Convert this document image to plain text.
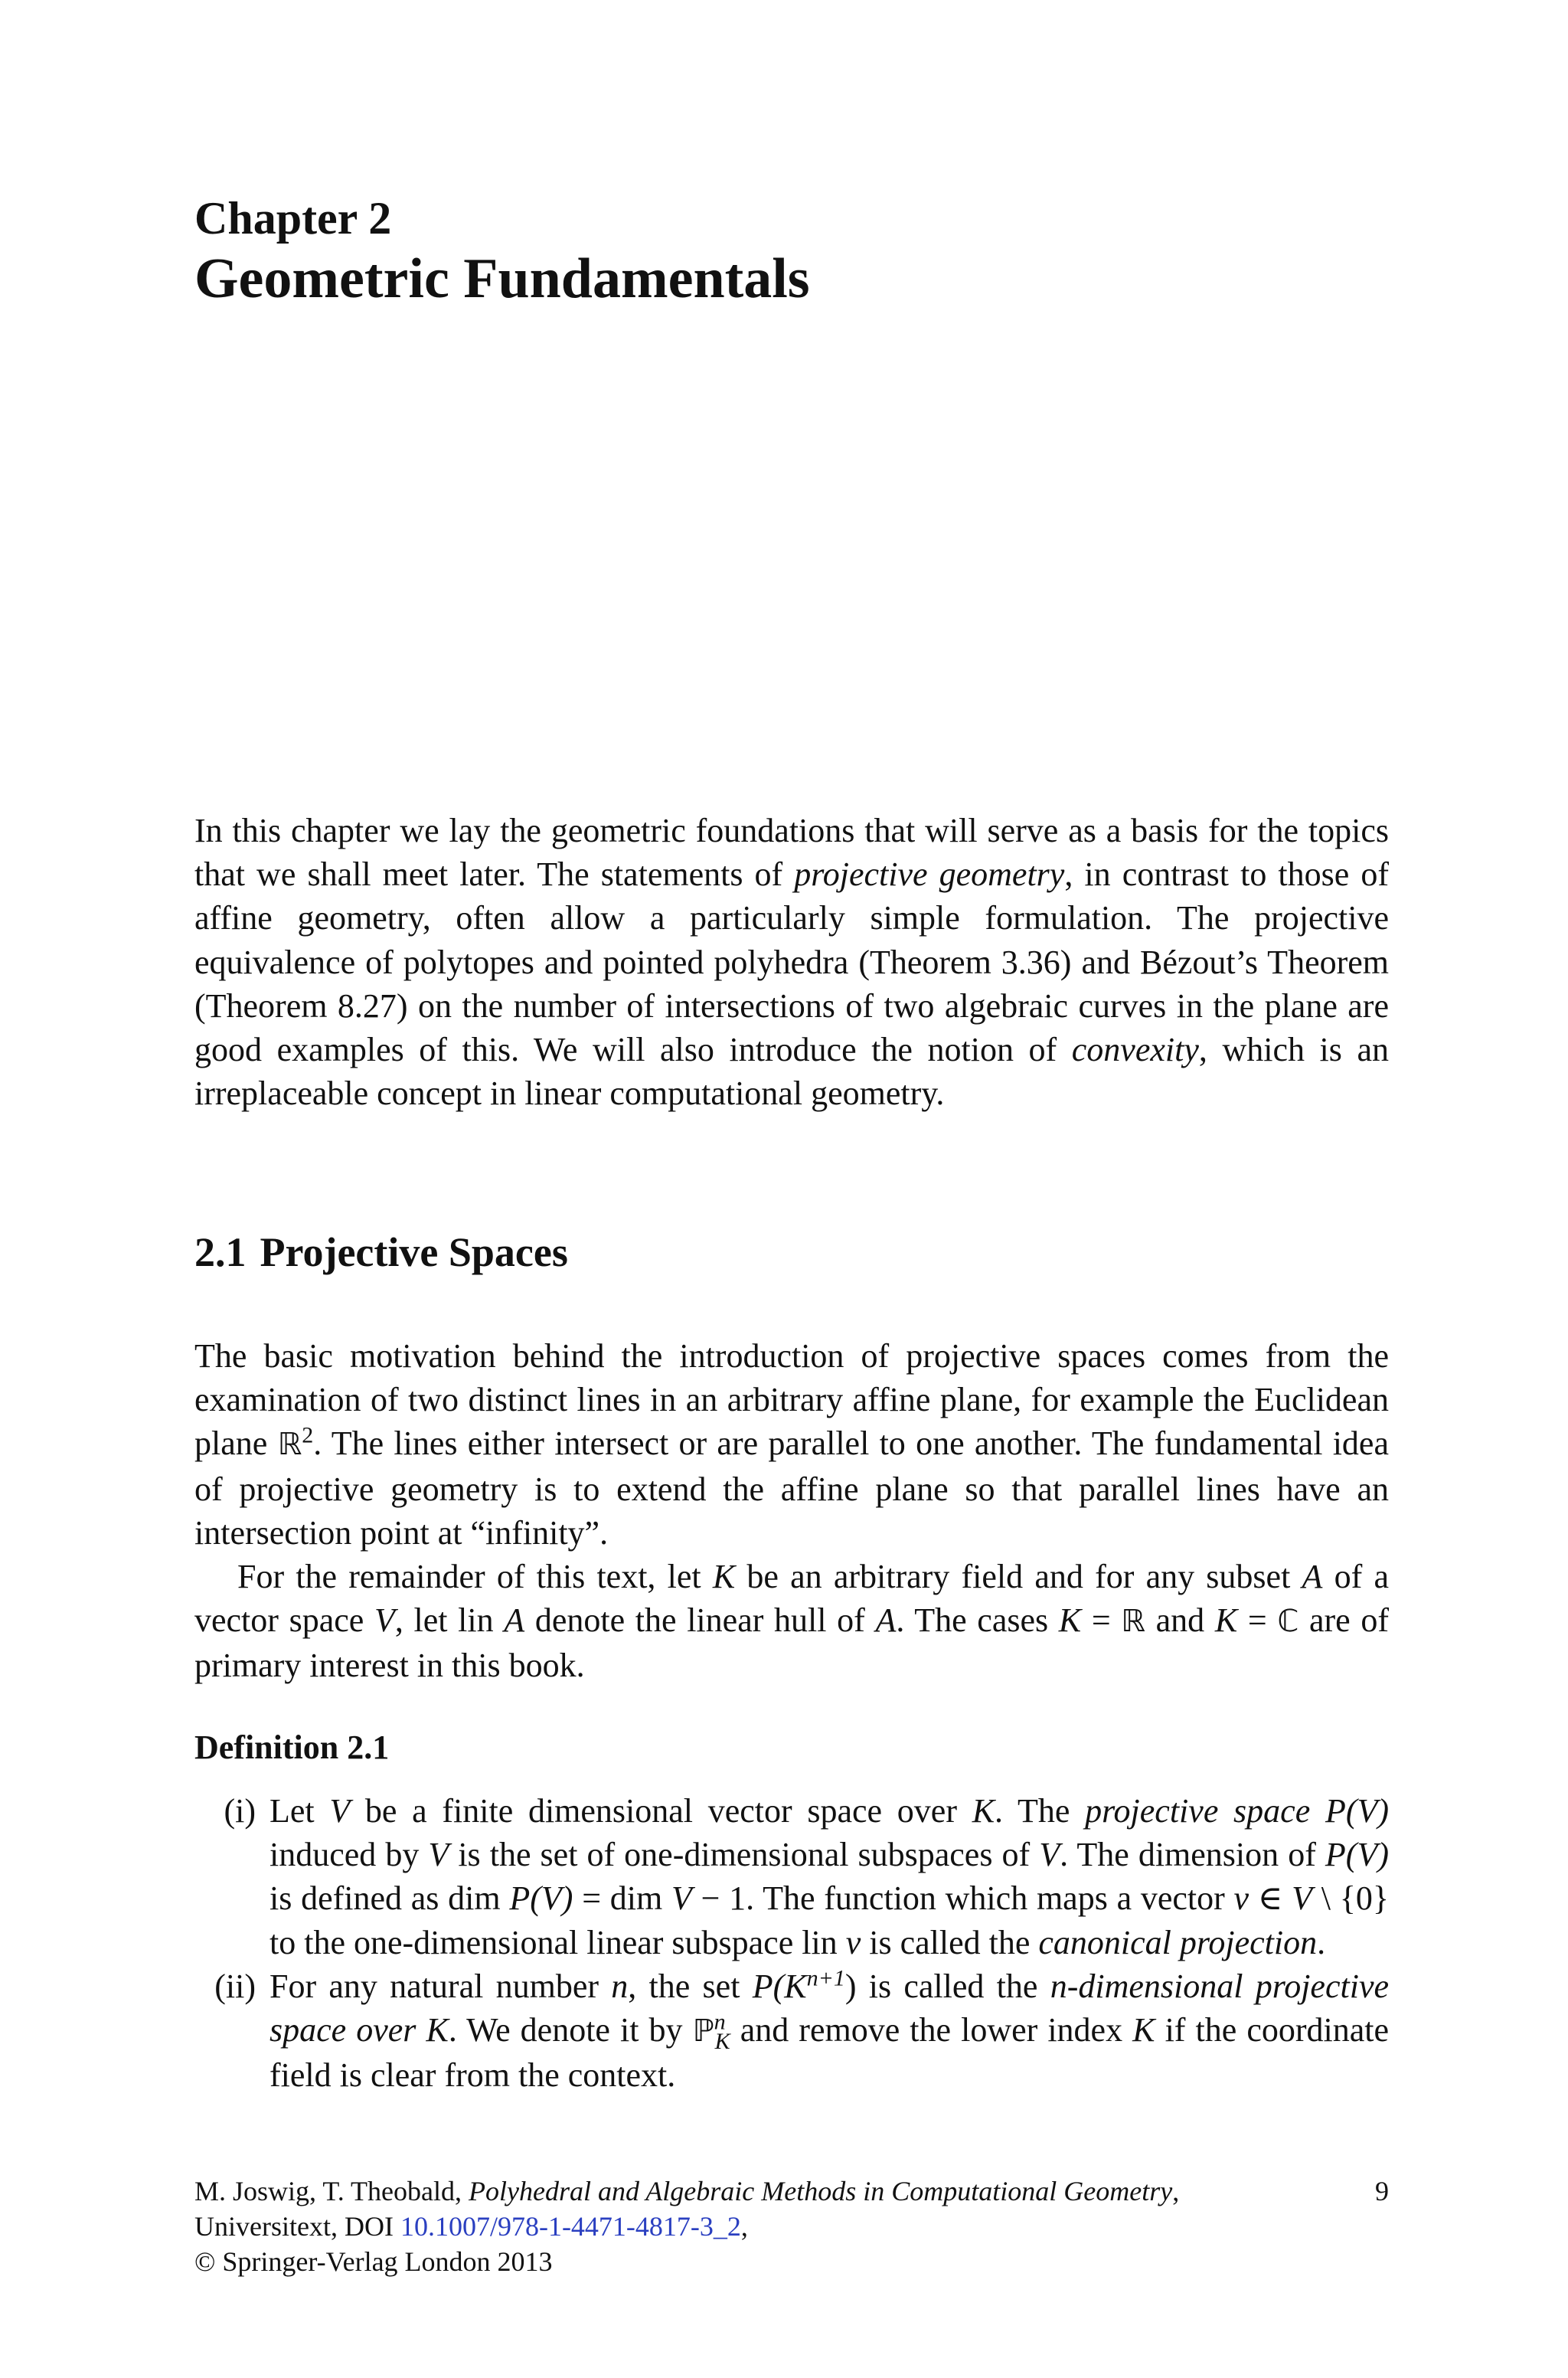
Chapter 2
Geometric Fundamentals

In this chapter we lay the geometric foundations that will serve as a basis for the topics that we shall meet later. The statements of projective geometry, in contrast to those of affine geometry, often allow a particularly simple formulation. The projective equivalence of polytopes and pointed polyhedra (Theorem 3.36) and Bézout’s Theorem (Theorem 8.27) on the number of intersections of two algebraic curves in the plane are good examples of this. We will also introduce the notion of convexity, which is an irreplaceable concept in linear computational geometry.

2.1 Projective Spaces

The basic motivation behind the introduction of projective spaces comes from the examination of two distinct lines in an arbitrary affine plane, for example the Euclidean plane ℝ$^2$. The lines either intersect or are parallel to one another. The fundamental idea of projective geometry is to extend the affine plane so that parallel lines have an intersection point at “infinity”.

For the remainder of this text, let K be an arbitrary field and for any subset A of a vector space V, let lin A denote the linear hull of A. The cases K = ℝ and K = ℂ are of primary interest in this book.

Definition 2.1
(i) Let V be a finite dimensional vector space over K. The projective space P(V) induced by V is the set of one-dimensional subspaces of V. The dimension of P(V) is defined as dim P(V) = dim V − 1. The function which maps a vector v ∈ V \ {0} to the one-dimensional linear subspace lin v is called the canonical projection.
(ii) For any natural number n, the set $P(K^{n+1})$ is called the n-dimensional projective space over K. We denote it by ℙ$^n_K$ and remove the lower index K if the coordinate field is clear from the context.
M. Joswig, T. Theobald, Polyhedral and Algebraic Methods in Computational Geometry,
Universitext, DOI 10.1007/978-1-4471-4817-3_2,
© Springer-Verlag London 2013
9
